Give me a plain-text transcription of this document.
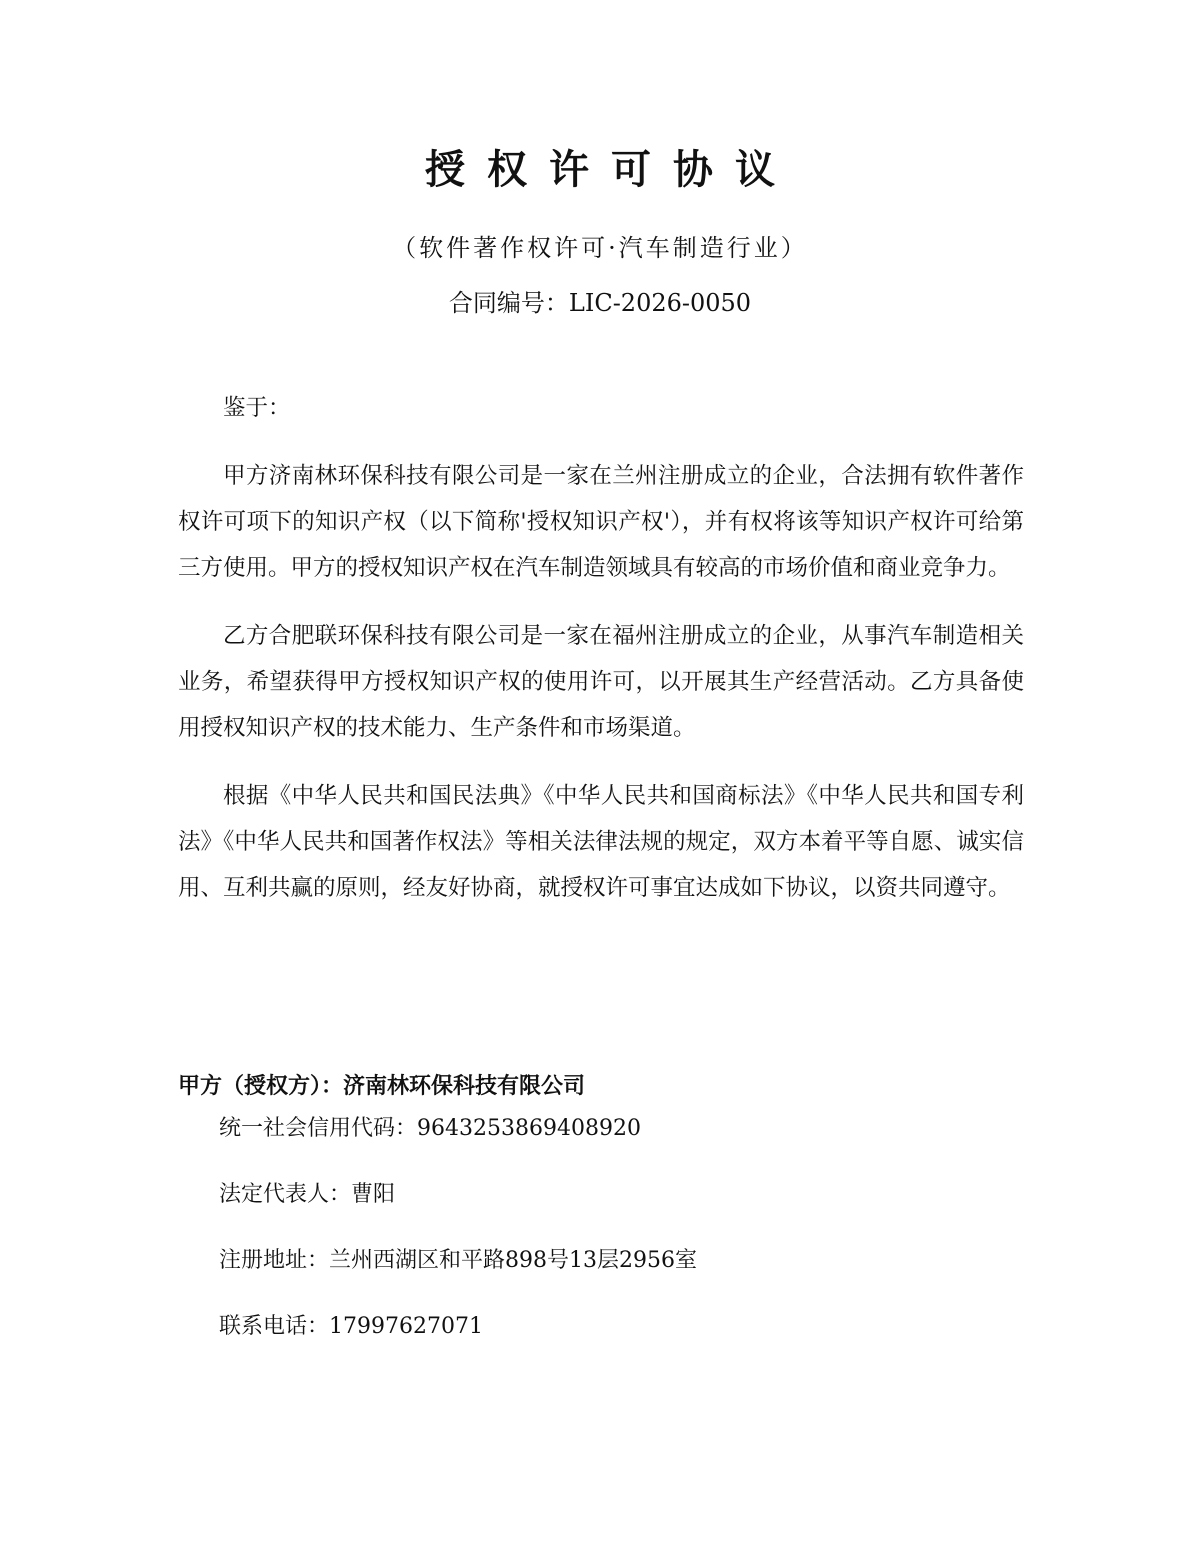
授权许可协议
（软件著作权许可·汽车制造行业）
合同编号：LIC-2026-0050

鉴于：

甲方济南林环保科技有限公司是一家在兰州注册成立的企业，合法拥有软件著作权许可项下的知识产权（以下简称'授权知识产权'），并有权将该等知识产权许可给第三方使用。甲方的授权知识产权在汽车制造领域具有较高的市场价值和商业竞争力。

乙方合肥联环保科技有限公司是一家在福州注册成立的企业，从事汽车制造相关业务，希望获得甲方授权知识产权的使用许可，以开展其生产经营活动。乙方具备使用授权知识产权的技术能力、生产条件和市场渠道。

根据《中华人民共和国民法典》《中华人民共和国商标法》《中华人民共和国专利法》《中华人民共和国著作权法》等相关法律法规的规定，双方本着平等自愿、诚实信用、互利共赢的原则，经友好协商，就授权许可事宜达成如下协议，以资共同遵守。

甲方（授权方）：济南林环保科技有限公司
统一社会信用代码：9643253869408920
法定代表人：曹阳
注册地址：兰州西湖区和平路898号13层2956室
联系电话：17997627071
